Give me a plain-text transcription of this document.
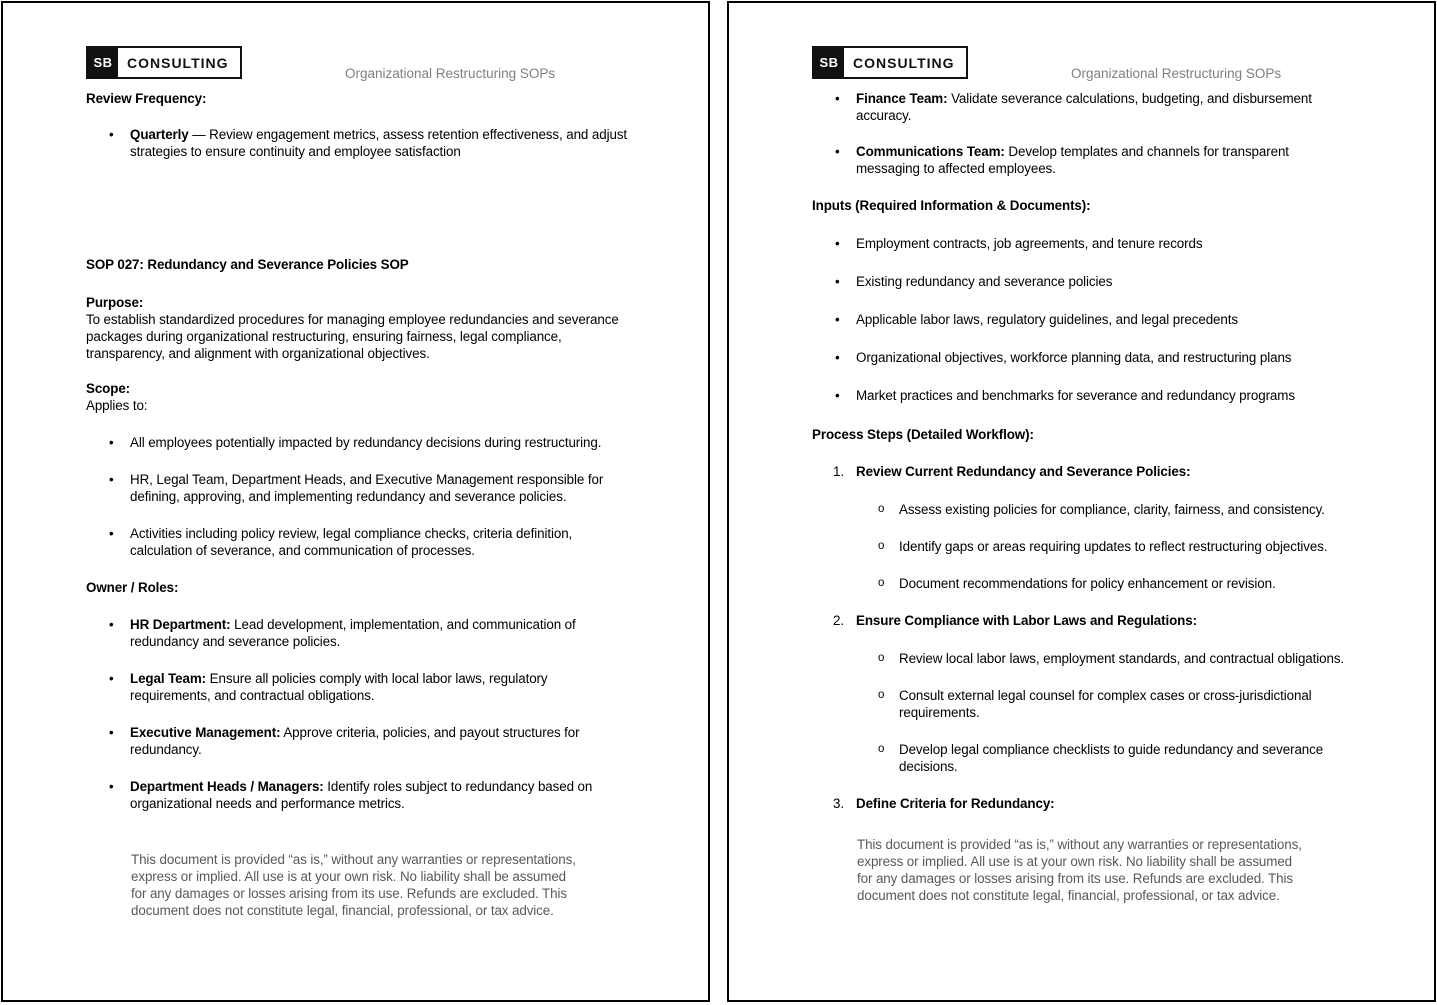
SB	CONSULTING
Organizational Restructuring SOPs
Review Frequency:
•
Quarterly — Review engagement metrics, assess retention effectiveness, and adjust strategies to ensure continuity and employee satisfaction
SOP 027: Redundancy and Severance Policies SOP
Purpose:
To establish standardized procedures for managing employee redundancies and severance packages during organizational restructuring, ensuring fairness, legal compliance, transparency, and alignment with organizational objectives.
Scope:
Applies to:
•
All employees potentially impacted by redundancy decisions during restructuring.
•
HR, Legal Team, Department Heads, and Executive Management responsible for defining, approving, and implementing redundancy and severance policies.
•
Activities including policy review, legal compliance checks, criteria definition, calculation of severance, and communication of processes.
Owner / Roles:
•
HR Department: Lead development, implementation, and communication of redundancy and severance policies.
•
Legal Team: Ensure all policies comply with local labor laws, regulatory requirements, and contractual obligations.
•
Executive Management: Approve criteria, policies, and payout structures for redundancy.
•
Department Heads / Managers: Identify roles subject to redundancy based on organizational needs and performance metrics.
This document is provided “as is,” without any warranties or representations, express or implied. All use is at your own risk. No liability shall be assumed for any damages or losses arising from its use. Refunds are excluded. This document does not constitute legal, financial, professional, or tax advice.
SB	CONSULTING
Organizational Restructuring SOPs
•
Finance Team: Validate severance calculations, budgeting, and disbursement accuracy.
•
Communications Team: Develop templates and channels for transparent messaging to affected employees.
Inputs (Required Information & Documents):
•
Employment contracts, job agreements, and tenure records
•
Existing redundancy and severance policies
•
Applicable labor laws, regulatory guidelines, and legal precedents
•
Organizational objectives, workforce planning data, and restructuring plans
•
Market practices and benchmarks for severance and redundancy programs
Process Steps (Detailed Workflow):
1. Review Current Redundancy and Severance Policies:
o
Assess existing policies for compliance, clarity, fairness, and consistency.
o
Identify gaps or areas requiring updates to reflect restructuring objectives.
o
Document recommendations for policy enhancement or revision.
2. Ensure Compliance with Labor Laws and Regulations:
o
Review local labor laws, employment standards, and contractual obligations.
o
Consult external legal counsel for complex cases or cross-jurisdictional requirements.
o
Develop legal compliance checklists to guide redundancy and severance decisions.
3. Define Criteria for Redundancy:
This document is provided “as is,” without any warranties or representations, express or implied. All use is at your own risk. No liability shall be assumed for any damages or losses arising from its use. Refunds are excluded. This document does not constitute legal, financial, professional, or tax advice.
